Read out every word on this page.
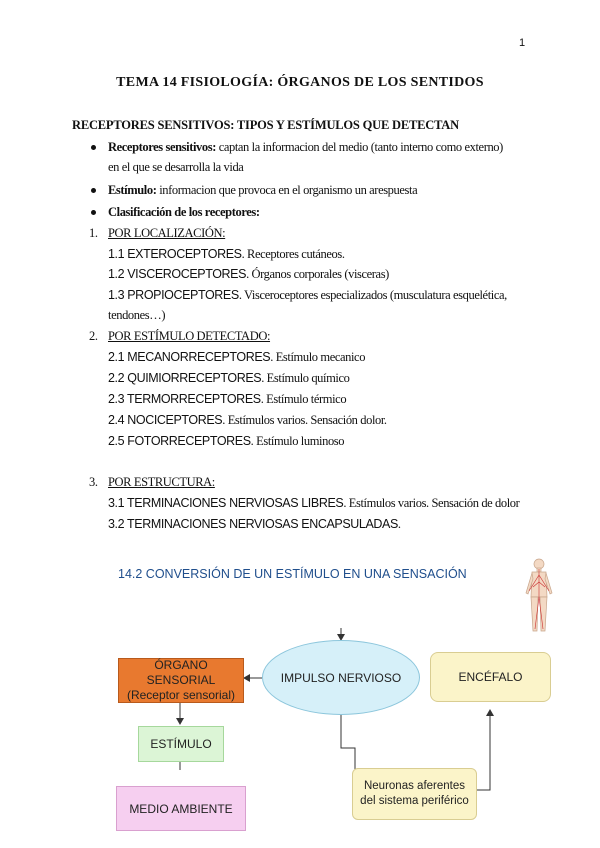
1
TEMA 14 FISIOLOGÍA: ÓRGANOS DE LOS SENTIDOS
RECEPTORES SENSITIVOS: TIPOS Y ESTÍMULOS QUE DETECTAN
Receptores sensitivos: captan la informacion del medio (tanto interno como externo)
en el que se desarrolla la vida
Estímulo: informacion que provoca en el organismo un arespuesta
Clasificación de los receptores:
1. POR LOCALIZACIÓN:
1.1 EXTEROCEPTORES. Receptores cutáneos.
1.2 VISCEROCEPTORES. Órganos corporales (visceras)
1.3 PROPIOCEPTORES. Visceroceptores especializados (musculatura esquelética,
tendones…)
2. POR ESTÍMULO DETECTADO:
2.1 MECANORRECEPTORES. Estímulo mecanico
2.2 QUIMIORRECEPTORES. Estímulo químico
2.3 TERMORRECEPTORES. Estímulo térmico
2.4 NOCICEPTORES. Estímulos varios. Sensación dolor.
2.5 FOTORRECEPTORES. Estímulo luminoso
3. POR ESTRUCTURA:
3.1 TERMINACIONES NERVIOSAS LIBRES. Estímulos varios. Sensación de dolor
3.2 TERMINACIONES NERVIOSAS ENCAPSULADAS.
14.2 CONVERSIÓN DE UN ESTÍMULO EN UNA SENSACIÓN
ÓRGANO SENSORIAL
(Receptor sensorial)
IMPULSO NERVIOSO	ENCÉFALO
ESTÍMULO
Neuronas aferentes
del sistema periférico
MEDIO AMBIENTE
